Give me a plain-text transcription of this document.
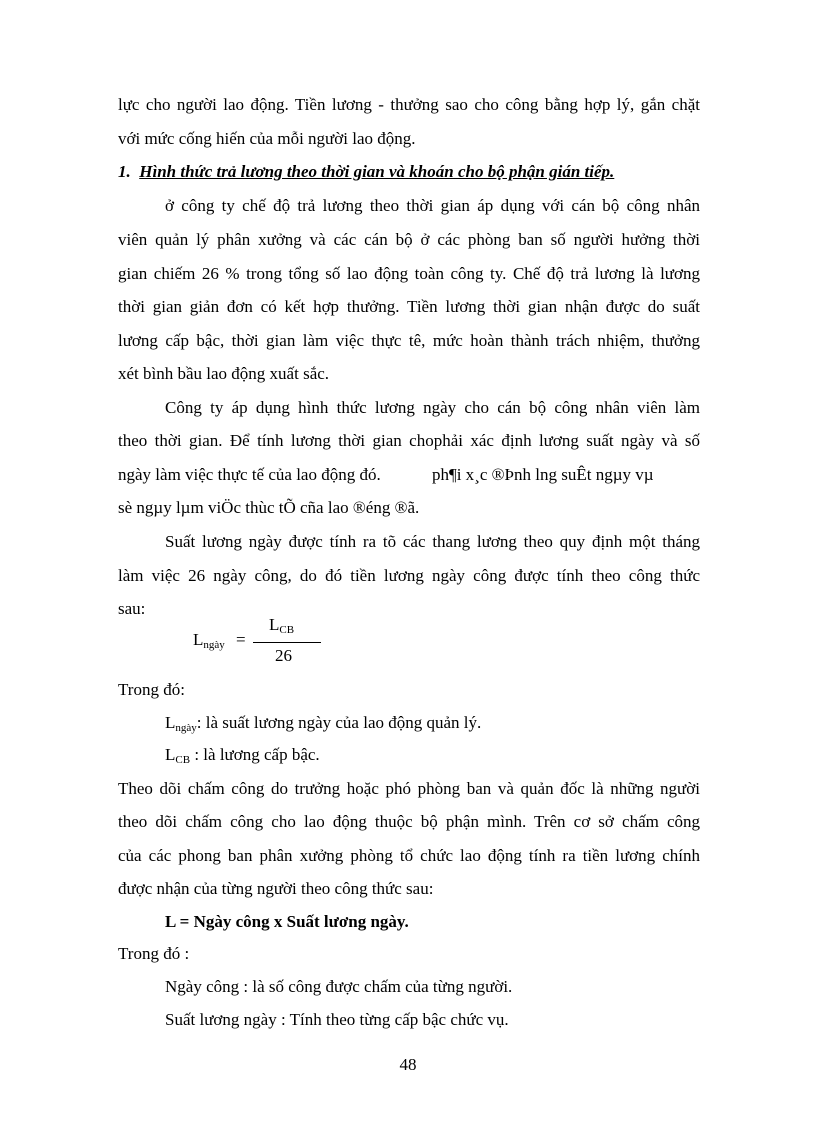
lực cho người lao động. Tiền lương - thưởng sao cho công bằng hợp lý, gắn chặt
với mức cống hiến của mỗi người lao động.
1. Hình thức trả lương theo thời gian và khoán cho bộ phận gián tiếp.
ở công ty chế độ trả lương theo thời gian áp dụng với cán bộ công nhân
viên quản lý phân xưởng và các cán bộ ở các phòng ban số người hưởng thời
gian chiếm 26 % trong tổng số lao động toàn công ty. Chế độ trả lương là lương
thời gian giản đơn có kết hợp thưởng. Tiền lương thời gian nhận được do suất
lương cấp bậc, thời gian làm việc thực tê, mức hoàn thành trách nhiệm, thưởng
xét bình bầu lao động xuất sắc.
Công ty áp dụng hình thức lương ngày cho cán bộ công nhân viên làm
theo thời gian. Để tính lương thời gian chophải xác định lương suất ngày và số
ngày làm việc thực tế của lao động đó.	ph¶i x¸c ®Þnh lng suÊt ngµy vµ
sè ngµy lµm viÖc thùc tÕ cña lao ®éng ®ã.
Suất lương ngày được tính ra tõ các thang lương theo quy định một tháng
làm việc 26 ngày công, do đó tiền lương ngày công được tính theo công thức
sau:
$L_{ngày}$ =
$L_{CB}$
26
Trong đó:
$L_{ngày}$: là suất lương ngày của lao động quản lý.
$L_{CB}$ : là lương cấp bậc.
Theo dõi chấm công do trưởng hoặc phó phòng ban và quản đốc là những người
theo dõi chấm công cho lao động thuộc bộ phận mình. Trên cơ sở chấm công
của các phong ban phân xưởng phòng tổ chức lao động tính ra tiền lương chính
được nhận của từng người theo công thức sau:
L = Ngày công x Suất lương ngày.
Trong đó :
Ngày công : là số công được chấm của từng người.
Suất lương ngày : Tính theo từng cấp bậc chức vụ.
48
